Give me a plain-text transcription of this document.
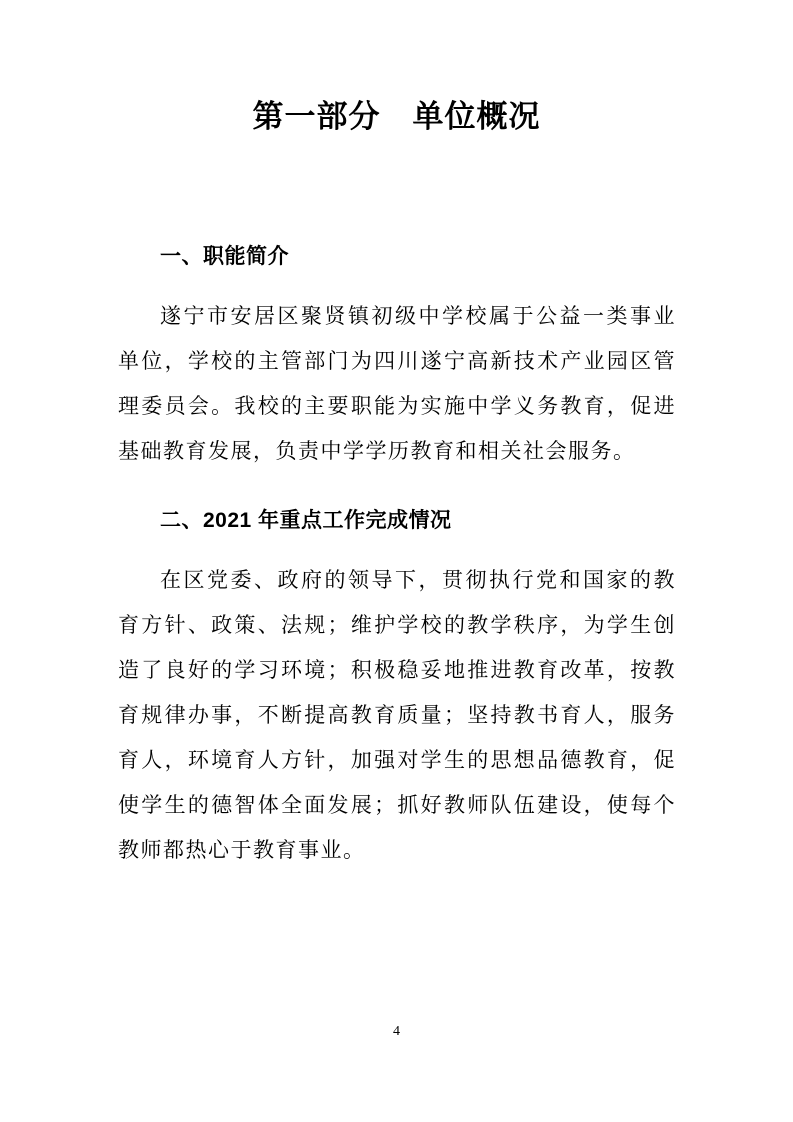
第一部分　单位概况
一、职能简介

遂宁市安居区聚贤镇初级中学校属于公益一类事业单位，学校的主管部门为四川遂宁高新技术产业园区管理委员会。我校的主要职能为实施中学义务教育，促进基础教育发展，负责中学学历教育和相关社会服务。

二、2021 年重点工作完成情况

在区党委、政府的领导下，贯彻执行党和国家的教育方针、政策、法规；维护学校的教学秩序，为学生创造了良好的学习环境；积极稳妥地推进教育改革，按教育规律办事，不断提高教育质量；坚持教书育人，服务育人，环境育人方针，加强对学生的思想品德教育，促使学生的德智体全面发展；抓好教师队伍建设，使每个教师都热心于教育事业。

4
